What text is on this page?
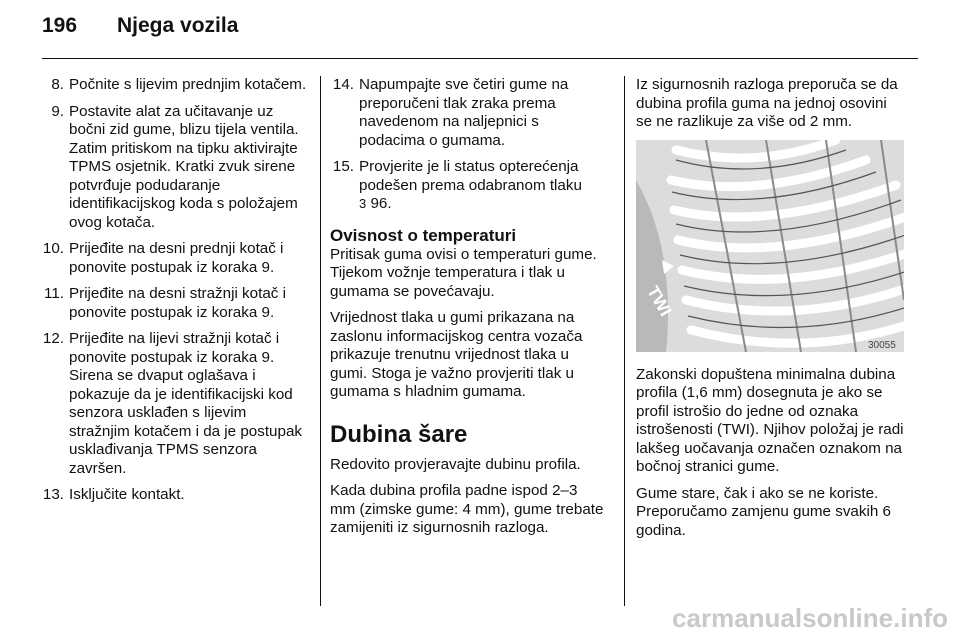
196	Njega vozila
8. Počnite s lijevim prednjim kotačem.
9. Postavite alat za učitavanje uz bočni zid gume, blizu tijela ventila. Zatim pritiskom na tipku aktivirajte TPMS osjetnik. Kratki zvuk sirene potvrđuje podudaranje identifikacijskog koda s položajem ovog kotača.
10. Prijeđite na desni prednji kotač i ponovite postupak iz koraka 9.
11. Prijeđite na desni stražnji kotač i ponovite postupak iz koraka 9.
12. Prijeđite na lijevi stražnji kotač i ponovite postupak iz koraka 9. Sirena se dvaput oglašava i pokazuje da je identifikacijski kod senzora usklađen s lijevim stražnjim kotačem i da je postupak usklađivanja TPMS senzora završen.
13. Isključite kontakt.
14. Napumpajte sve četiri gume na preporučeni tlak zraka prema navedenom na naljepnici s podacima o gumama.
15. Provjerite je li status opterećenja podešen prema odabranom tlaku
3 96.
Ovisnost o temperaturi

Pritisak guma ovisi o temperaturi gume. Tijekom vožnje temperatura i tlak u gumama se povećavaju.

Vrijednost tlaka u gumi prikazana na zaslonu informacijskog centra vozača prikazuje trenutnu vrijednost tlaka u gumi. Stoga je važno provjeriti tlak u gumama s hladnim gumama.

Dubina šare

Redovito provjeravajte dubinu profila.

Kada dubina profila padne ispod 2–3 mm (zimske gume: 4 mm), gume trebate zamijeniti iz sigurnosnih razloga.

Iz sigurnosnih razloga preporuča se da dubina profila guma na jednoj osovini se ne razlikuje za više od 2 mm.

TWI
30055

Zakonski dopuštena minimalna dubina profila (1,6 mm) dosegnuta je ako se profil istrošio do jedne od oznaka istrošenosti (TWI). Njihov položaj je radi lakšeg uočavanja označen oznakom na bočnoj stranici gume.

Gume stare, čak i ako se ne koriste. Preporučamo zamjenu gume svakih 6 godina.

carmanualsonline.info
